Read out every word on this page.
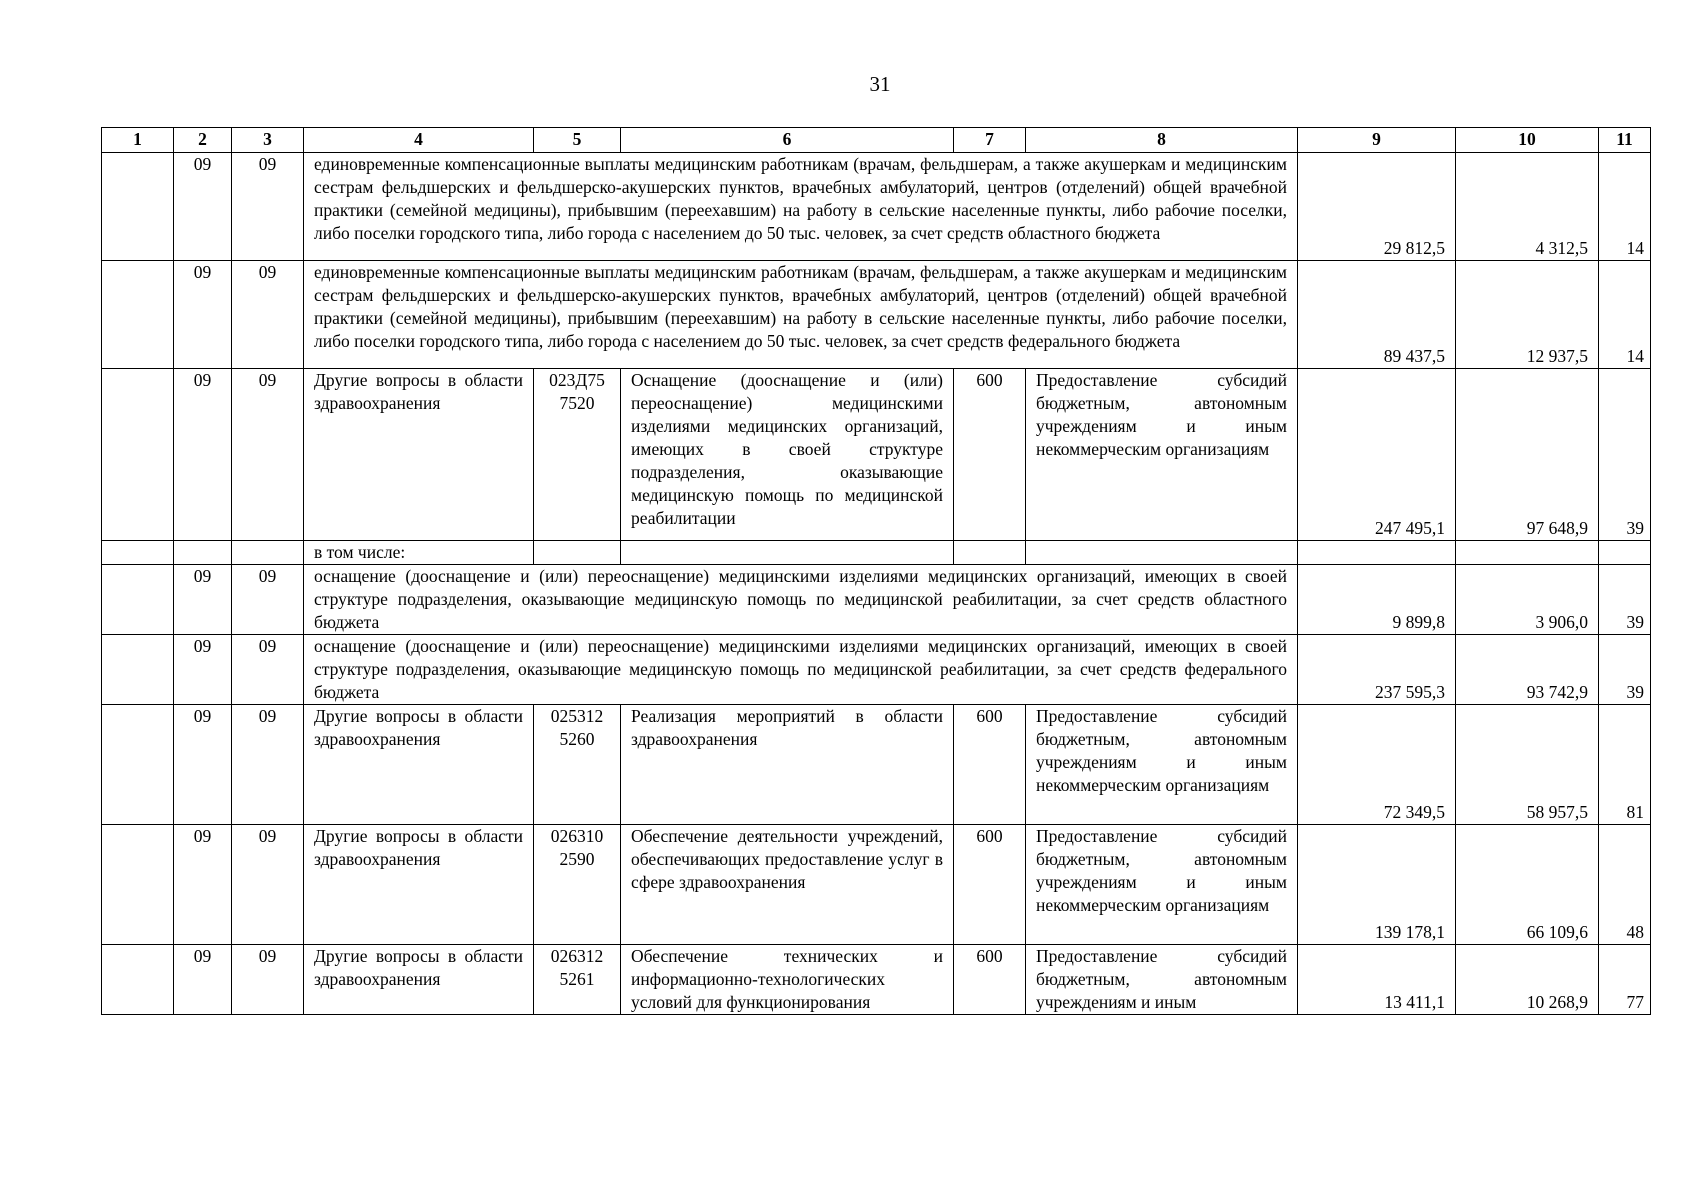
31
1	2	3	4	5	6	7	8	9	10	11
	09	09	единовременные компенсационные выплаты медицинским работникам (врачам, фельдшерам, а также акушеркам и медицинским сестрам фельдшерских и фельдшерско-акушерских пунктов, врачебных амбулаторий, центров (отделений) общей врачебной практики (семейной медицины), прибывшим (переехавшим) на работу в сельские населенные пункты, либо рабочие поселки, либо поселки городского типа, либо города с населением до 50 тыс. человек, за счет средств областного бюджета					29 812,5	4 312,5	14
	09	09	единовременные компенсационные выплаты медицинским работникам (врачам, фельдшерам, а также акушеркам и медицинским сестрам фельдшерских и фельдшерско-акушерских пунктов, врачебных амбулаторий, центров (отделений) общей врачебной практики (семейной медицины), прибывшим (переехавшим) на работу в сельские населенные пункты, либо рабочие поселки, либо поселки городского типа, либо города с населением до 50 тыс. человек, за счет средств федерального бюджета					89 437,5	12 937,5	14
	09	09	Другие вопросы в области здравоохранения	023Д75 7520	Оснащение (дооснащение и (или) переоснащение) медицинскими изделиями медицинских организаций, имеющих в своей структуре подразделения, оказывающие медицинскую помощь по медицинской реабилитации	600	Предоставление субсидий бюджетным, автономным учреждениям и иным некоммерческим организациям	247 495,1	97 648,9	39
			в том числе:							
	09	09	оснащение (дооснащение и (или) переоснащение) медицинскими изделиями медицинских организаций, имеющих в своей структуре подразделения, оказывающие медицинскую помощь по медицинской реабилитации, за счет средств областного бюджета					9 899,8	3 906,0	39
	09	09	оснащение (дооснащение и (или) переоснащение) медицинскими изделиями медицинских организаций, имеющих в своей структуре подразделения, оказывающие медицинскую помощь по медицинской реабилитации, за счет средств федерального бюджета					237 595,3	93 742,9	39
	09	09	Другие вопросы в области здравоохранения	025312 5260	Реализация мероприятий в области здравоохранения	600	Предоставление субсидий бюджетным, автономным учреждениям и иным некоммерческим организациям	72 349,5	58 957,5	81
	09	09	Другие вопросы в области здравоохранения	026310 2590	Обеспечение деятельности учреждений, обеспечивающих предоставление услуг в сфере здравоохранения	600	Предоставление субсидий бюджетным, автономным учреждениям и иным некоммерческим организациям	139 178,1	66 109,6	48
	09	09	Другие вопросы в области здравоохранения	026312 5261	Обеспечение технических и информационно-технологических условий для функционирования	600	Предоставление субсидий бюджетным, автономным учреждениям и иным	13 411,1	10 268,9	77
